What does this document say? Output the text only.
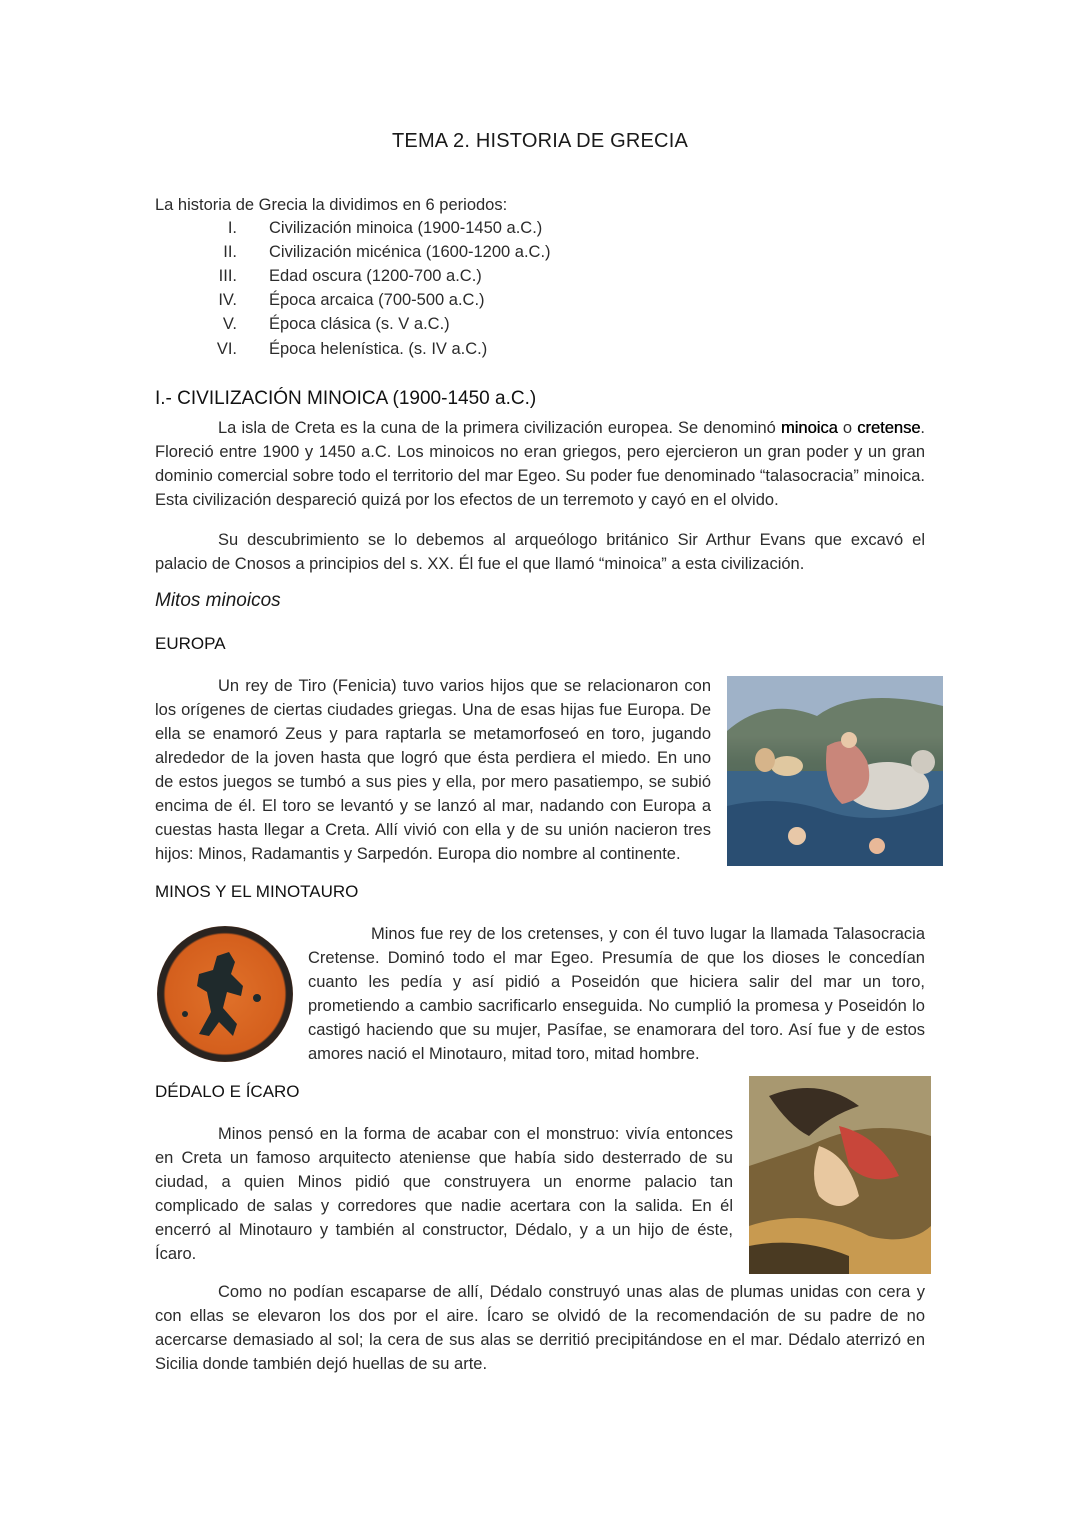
TEMA 2. HISTORIA DE GRECIA
La historia de Grecia la dividimos en 6 periodos:
I.	Civilización minoica (1900-1450 a.C.)
II.	Civilización micénica (1600-1200 a.C.)
III.	Edad oscura (1200-700 a.C.)
IV.	Época arcaica (700-500 a.C.)
V.	Época clásica (s. V a.C.)
VI.	Época helenística. (s. IV a.C.)
I.- CIVILIZACIÓN MINOICA (1900-1450 a.C.)
La isla de Creta es la cuna de la primera civilización europea. Se denominó minoica o cretense. Floreció entre 1900 y 1450 a.C. Los minoicos no eran griegos, pero ejercieron un gran poder y un gran dominio comercial sobre todo el territorio del mar Egeo. Su poder fue denominado “talasocracia” minoica. Esta civilización despareció quizá por los efectos de un terremoto y cayó en el olvido.
Su descubrimiento se lo debemos al arqueólogo británico Sir Arthur Evans que excavó el palacio de Cnosos a principios del s. XX. Él fue el que llamó “minoica” a esta civilización.
Mitos minoicos
EUROPA
Un rey de Tiro (Fenicia) tuvo varios hijos que se relacionaron con los orígenes de ciertas ciudades griegas. Una de esas hijas fue Europa. De ella se enamoró Zeus y para raptarla se metamorfoseó en toro, jugando alrededor de la joven hasta que logró que ésta perdiera el miedo. En uno de estos juegos se tumbó a sus pies y ella, por mero pasatiempo, se subió encima de él. El toro se levantó y se lanzó al mar, nadando con Europa a cuestas hasta llegar a Creta. Allí vivió con ella y de su unión nacieron tres hijos: Minos, Radamantis y Sarpedón. Europa dio nombre al continente.
MINOS Y EL MINOTAURO
Minos fue rey de los cretenses, y con él tuvo lugar la llamada Talasocracia Cretense. Dominó todo el mar Egeo. Presumía de que los dioses le concedían cuanto les pedía y así pidió a Poseidón que hiciera salir del mar un toro, prometiendo a cambio sacrificarlo enseguida. No cumplió la promesa y Poseidón lo castigó haciendo que su mujer, Pasífae, se enamorara del toro. Así fue y de estos amores nació el Minotauro, mitad toro, mitad hombre.
DÉDALO E ÍCARO
Minos pensó en la forma de acabar con el monstruo: vivía entonces en Creta un famoso arquitecto ateniense que había sido desterrado de su ciudad, a quien Minos pidió que construyera un enorme palacio tan complicado de salas y corredores que nadie acertara con la salida. En él encerró al Minotauro y también al constructor, Dédalo, y a un hijo de éste, Ícaro.
Como no podían escaparse de allí, Dédalo construyó unas alas de plumas unidas con cera y con ellas se elevaron los dos por el aire. Ícaro se olvidó de la recomendación de su padre de no acercarse demasiado al sol; la cera de sus alas se derritió precipitándose en el mar. Dédalo aterrizó en Sicilia donde también dejó huellas de su arte.
